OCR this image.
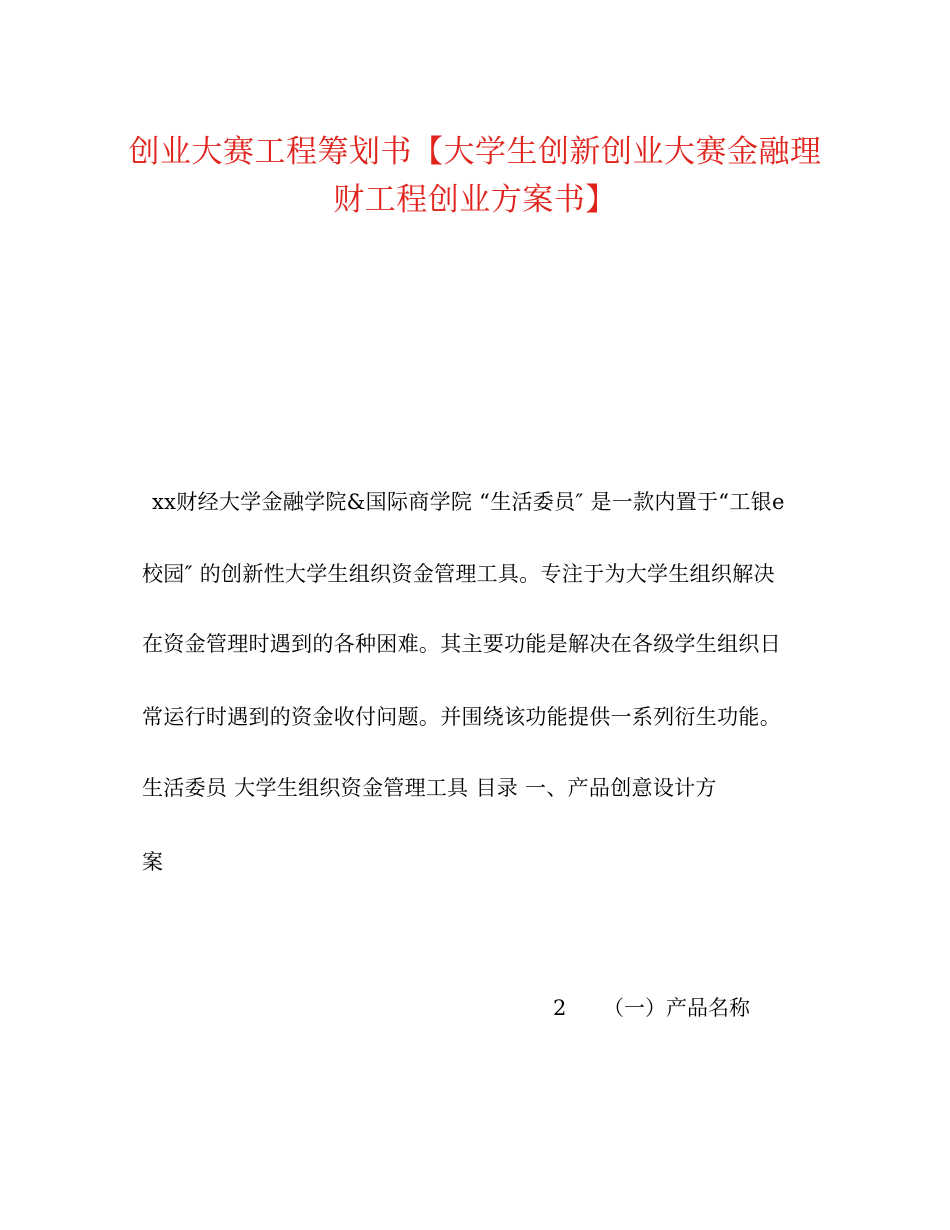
创业大赛工程筹划书【大学生创新创业大赛金融理财工程创业方案书】
xx财经大学金融学院&国际商学院 “生活委员″ 是一款内置于“工银e
校园″ 的创新性大学生组织资金管理工具。专注于为大学生组织解决
在资金管理时遇到的各种困难。其主要功能是解决在各级学生组织日
常运行时遇到的资金收付问题。并围绕该功能提供一系列衍生功能。
生活委员 大学生组织资金管理工具 目录 一、产品创意设计方
案
2 （一）产品名称
